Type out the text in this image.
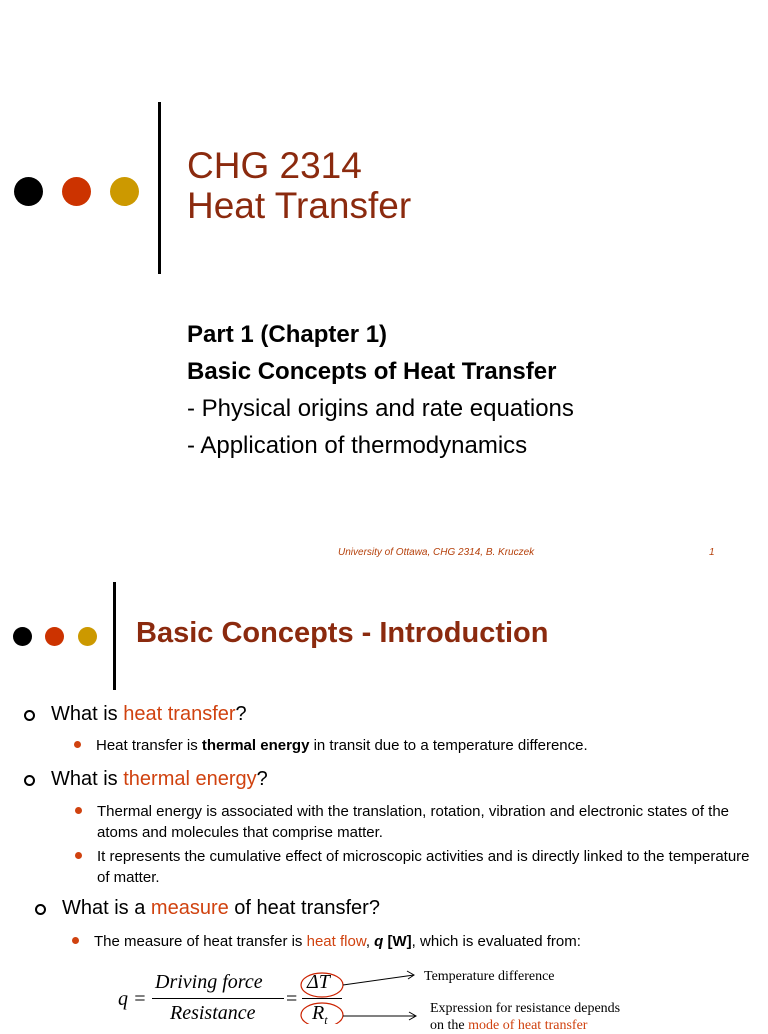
CHG 2314
Heat Transfer
Part 1 (Chapter 1)
Basic Concepts of Heat Transfer
- Physical origins and rate equations
- Application of thermodynamics
University of Ottawa, CHG 2314, B. Kruczek	1
Basic Concepts - Introduction
What is heat transfer?
Heat transfer is thermal energy in transit due to a temperature difference.
What is thermal energy?
Thermal energy is associated with the translation, rotation, vibration and electronic states of the atoms and molecules that comprise matter.
It represents the cumulative effect of microscopic activities and is directly linked to the temperature of matter.
What is a measure of heat transfer?
The measure of heat transfer is heat flow, q [W], which is evaluated from:
q =
Driving force
Resistance
=
ΔT
$R_t$
Temperature difference
Expression for resistance depends
on the mode of heat transfer
